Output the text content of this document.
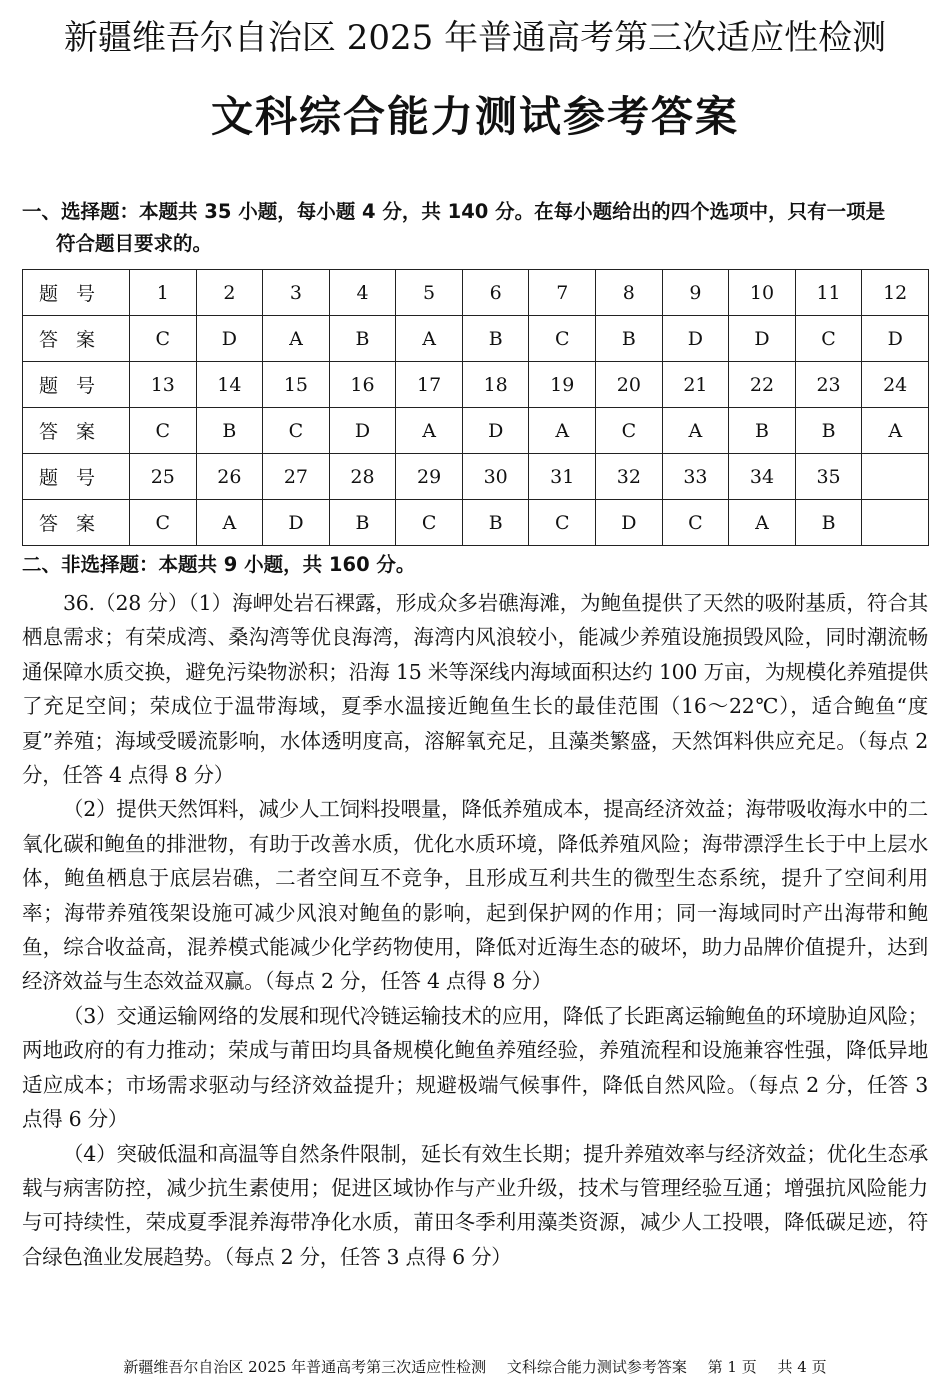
新疆维吾尔自治区 2025 年普通高考第三次适应性检测
文科综合能力测试参考答案
一、选择题：本题共 35 小题，每小题 4 分，共 140 分。在每小题给出的四个选项中，只有一项是
符合题目要求的。
题号	1	2	3	4	5	6	7	8	9	10	11	12
答案	C	D	A	B	A	B	C	B	D	D	C	D
题号	13	14	15	16	17	18	19	20	21	22	23	24
答案	C	B	C	D	A	D	A	C	A	B	B	A
题号	25	26	27	28	29	30	31	32	33	34	35	
答案	C	A	D	B	C	B	C	D	C	A	B	
二、非选择题：本题共 9 小题，共 160 分。

36.（28 分）（1）海岬处岩石裸露，形成众多岩礁海滩，为鲍鱼提供了天然的吸附基质，符合其栖息需求；有荣成湾、桑沟湾等优良海湾，海湾内风浪较小，能减少养殖设施损毁风险，同时潮流畅通保障水质交换，避免污染物淤积；沿海 15 米等深线内海域面积达约 100 万亩，为规模化养殖提供了充足空间；荣成位于温带海域，夏季水温接近鲍鱼生长的最佳范围（16～22℃），适合鲍鱼“度夏”养殖；海域受暖流影响，水体透明度高，溶解氧充足，且藻类繁盛，天然饵料供应充足。（每点 2 分，任答 4 点得 8 分）

（2）提供天然饵料，减少人工饲料投喂量，降低养殖成本，提高经济效益；海带吸收海水中的二氧化碳和鲍鱼的排泄物，有助于改善水质，优化水质环境，降低养殖风险；海带漂浮生长于中上层水体，鲍鱼栖息于底层岩礁，二者空间互不竞争，且形成互利共生的微型生态系统，提升了空间利用率；海带养殖筏架设施可减少风浪对鲍鱼的影响，起到保护网的作用；同一海域同时产出海带和鲍鱼，综合收益高，混养模式能减少化学药物使用，降低对近海生态的破坏，助力品牌价值提升，达到经济效益与生态效益双赢。（每点 2 分，任答 4 点得 8 分）

（3）交通运输网络的发展和现代冷链运输技术的应用，降低了长距离运输鲍鱼的环境胁迫风险；两地政府的有力推动；荣成与莆田均具备规模化鲍鱼养殖经验，养殖流程和设施兼容性强，降低异地适应成本；市场需求驱动与经济效益提升；规避极端气候事件，降低自然风险。（每点 2 分，任答 3 点得 6 分）

（4）突破低温和高温等自然条件限制，延长有效生长期；提升养殖效率与经济效益；优化生态承载与病害防控，减少抗生素使用；促进区域协作与产业升级，技术与管理经验互通；增强抗风险能力与可持续性，荣成夏季混养海带净化水质，莆田冬季利用藻类资源，减少人工投喂，降低碳足迹，符合绿色渔业发展趋势。（每点 2 分，任答 3 点得 6 分）

新疆维吾尔自治区 2025 年普通高考第三次适应性检测 文科综合能力测试参考答案 第 1 页 共 4 页
